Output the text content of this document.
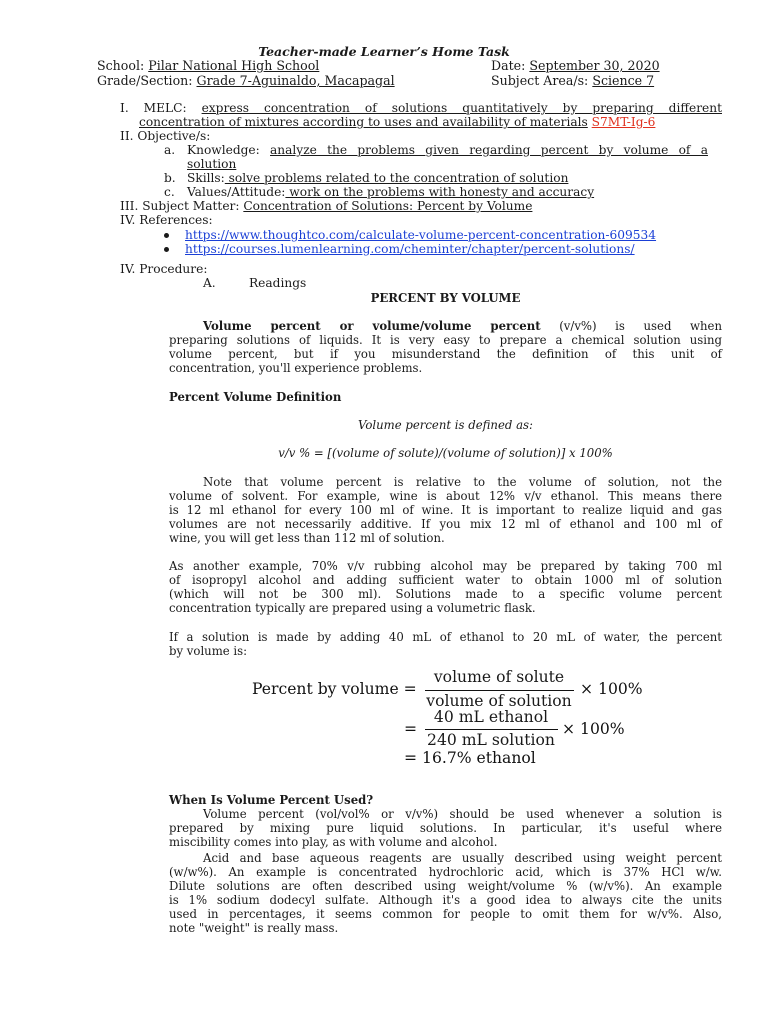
Teacher-made Learner’s Home Task
School: Pilar National High School	Date: September 30, 2020
Grade/Section: Grade 7-Aguinaldo, Macapagal	Subject Area/s: Science 7
I. MELC: express concentration of solutions quantitatively by preparing different
concentration of mixtures according to uses and availability of materials S7MT-Ig-6
II. Objective/s:
a. Knowledge: analyze the problems given regarding percent by volume of a
solution
b. Skills: solve problems related to the concentration of solution
c. Values/Attitude: work on the problems with honesty and accuracy
III. Subject Matter: Concentration of Solutions: Percent by Volume
IV. References:
https://www.thoughtco.com/calculate-volume-percent-concentration-609534
https://courses.lumenlearning.com/cheminter/chapter/percent-solutions/
IV. Procedure:
A.	Readings
PERCENT BY VOLUME
Volume percent or volume/volume percent (v/v%) is used when
preparing solutions of liquids. It is very easy to prepare a chemical solution using
volume percent, but if you misunderstand the definition of this unit of
concentration, you'll experience problems.
Percent Volume Definition
Volume percent is defined as:
v/v % = [(volume of solute)/(volume of solution)] x 100%
Note that volume percent is relative to the volume of solution, not the
volume of solvent. For example, wine is about 12% v/v ethanol. This means there
is 12 ml ethanol for every 100 ml of wine. It is important to realize liquid and gas
volumes are not necessarily additive. If you mix 12 ml of ethanol and 100 ml of
wine, you will get less than 112 ml of solution.
As another example, 70% v/v rubbing alcohol may be prepared by taking 700 ml
of isopropyl alcohol and adding sufficient water to obtain 1000 ml of solution
(which will not be 300 ml). Solutions made to a specific volume percent
concentration typically are prepared using a volumetric flask.
If a solution is made by adding 40 mL of ethanol to 20 mL of water, the percent
by volume is:
Percent by volume =
volume of solute
volume of solution
× 100%
=
40 mL ethanol
240 mL solution
× 100%
= 16.7% ethanol
When Is Volume Percent Used?
Volume percent (vol/vol% or v/v%) should be used whenever a solution is
prepared by mixing pure liquid solutions. In particular, it's useful where
miscibility comes into play, as with volume and alcohol.
Acid and base aqueous reagents are usually described using weight percent
(w/w%). An example is concentrated hydrochloric acid, which is 37% HCl w/w.
Dilute solutions are often described using weight/volume % (w/v%). An example
is 1% sodium dodecyl sulfate. Although it's a good idea to always cite the units
used in percentages, it seems common for people to omit them for w/v%. Also,
note "weight" is really mass.
